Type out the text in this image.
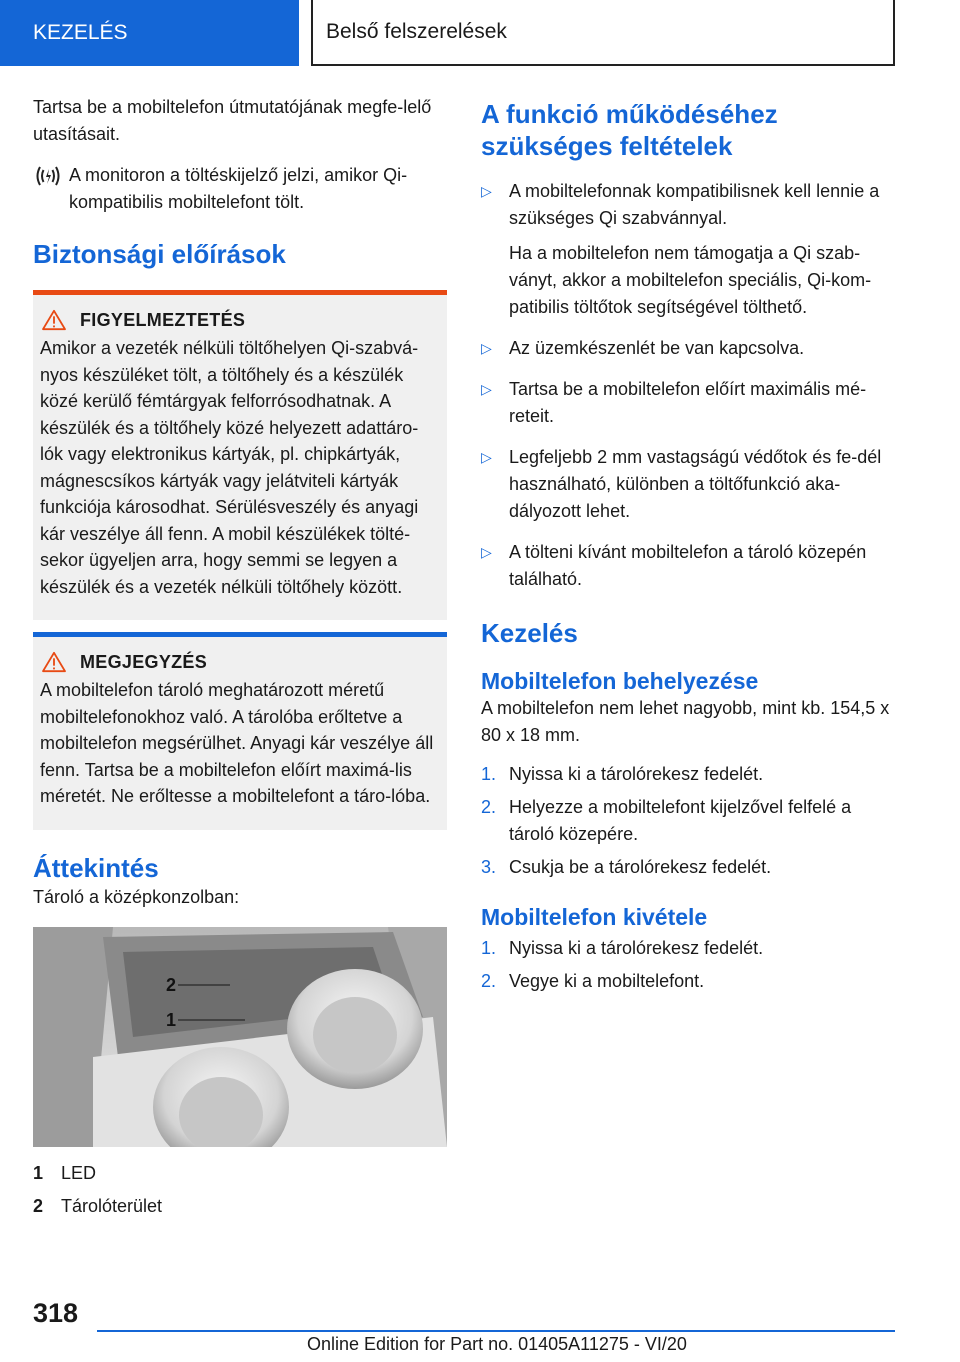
KEZELÉS	Belső felszerelések

Tartsa be a mobiltelefon útmutatójának megfe-lelő utasításait.

A monitoron a töltéskijelző jelzi, amikor Qi-kompatibilis mobiltelefont tölt.

Biztonsági előírások
FIGYELMEZTETÉS

Amikor a vezeték nélküli töltőhelyen Qi-szabvá-nyos készüléket tölt, a töltőhely és a készülék közé kerülő fémtárgyak felforrósodhatnak. A készülék és a töltőhely közé helyezett adattáro-lók vagy elektronikus kártyák, pl. chipkártyák, mágnescsíkos kártyák vagy jelátviteli kártyák funkciója károsodhat. Sérülésveszély és anyagi kár veszélye áll fenn. A mobil készülékek tölté-sekor ügyeljen arra, hogy semmi se legyen a készülék és a vezeték nélküli töltőhely között.

MEGJEGYZÉS

A mobiltelefon tároló meghatározott méretű mobiltelefonokhoz való. A tárolóba erőltetve a mobiltelefon megsérülhet. Anyagi kár veszélye áll fenn. Tartsa be a mobiltelefon előírt maximá-lis méretét. Ne erőltesse a mobiltelefont a táro-lóba.

Áttekintés

Tároló a középkonzolban:

2
1
1 LED
2 Tárolóterület
A funkció működéséhez szükséges feltételek
▷ A mobiltelefonnak kompatibilisnek kell lennie a szükséges Qi szabvánnyal.

Ha a mobiltelefon nem támogatja a Qi szab-ványt, akkor a mobiltelefon speciális, Qi-kom-patibilis töltőtok segítségével tölthető.

▷ Az üzemkészenlét be van kapcsolva.

▷ Tartsa be a mobiltelefon előírt maximális mé-reteit.

▷ Legfeljebb 2 mm vastagságú védőtok és fe-dél használható, különben a töltőfunkció aka-dályozott lehet.

▷ A tölteni kívánt mobiltelefon a tároló közepén található.

Kezelés
Mobiltelefon behelyezése

A mobiltelefon nem lehet nagyobb, mint kb. 154,5 x 80 x 18 mm.

1. Nyissa ki a tárolórekesz fedelét.

2. Helyezze a mobiltelefont kijelzővel felfelé a tároló közepére.

3. Csukja be a tárolórekesz fedelét.

Mobiltelefon kivétele
1. Nyissa ki a tárolórekesz fedelét.

2. Vegye ki a mobiltelefont.

318
Online Edition for Part no. 01405A11275 - VI/20
